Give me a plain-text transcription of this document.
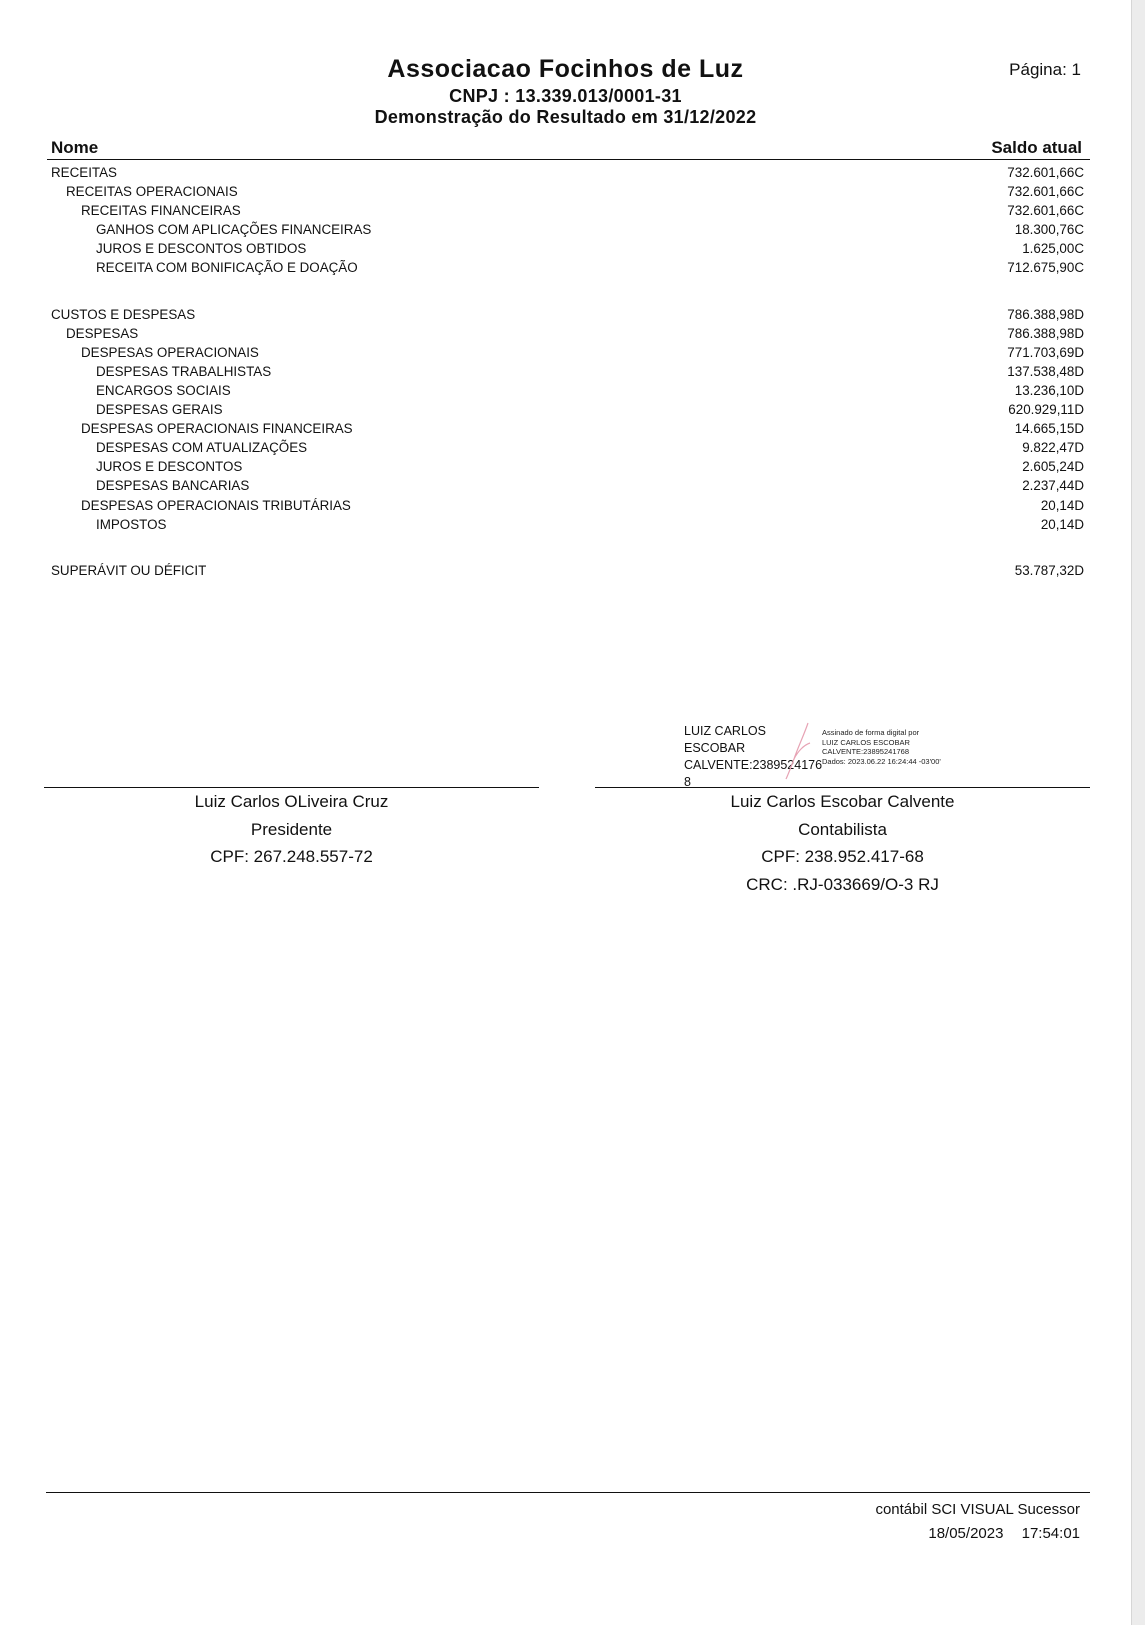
Associacao Focinhos de Luz
CNPJ : 13.339.013/0001-31
Demonstração do Resultado em 31/12/2022
Página: 1
Nome	Saldo atual
RECEITAS	732.601,66C
RECEITAS OPERACIONAIS	732.601,66C
RECEITAS FINANCEIRAS	732.601,66C
GANHOS COM APLICAÇÕES FINANCEIRAS	18.300,76C
JUROS E DESCONTOS OBTIDOS	1.625,00C
RECEITA COM BONIFICAÇÃO E DOAÇÃO	712.675,90C
CUSTOS E DESPESAS	786.388,98D
DESPESAS	786.388,98D
DESPESAS OPERACIONAIS	771.703,69D
DESPESAS TRABALHISTAS	137.538,48D
ENCARGOS SOCIAIS	13.236,10D
DESPESAS GERAIS	620.929,11D
DESPESAS OPERACIONAIS FINANCEIRAS	14.665,15D
DESPESAS COM ATUALIZAÇÕES	9.822,47D
JUROS E DESCONTOS	2.605,24D
DESPESAS BANCARIAS	2.237,44D
DESPESAS OPERACIONAIS TRIBUTÁRIAS	20,14D
IMPOSTOS	20,14D
SUPERÁVIT OU DÉFICIT	53.787,32D
LUIZ CARLOS ESCOBAR
CALVENTE:2389524176
8
Assinado de forma digital por
LUIZ CARLOS ESCOBAR
CALVENTE:23895241768
Dados: 2023.06.22 16:24:44 -03'00'
Luiz Carlos OLiveira Cruz
Presidente
CPF: 267.248.557-72
Luiz Carlos Escobar Calvente
Contabilista
CPF: 238.952.417-68
CRC: .RJ-033669/O-3 RJ
contábil SCI VISUAL Sucessor
18/05/2023 17:54:01
